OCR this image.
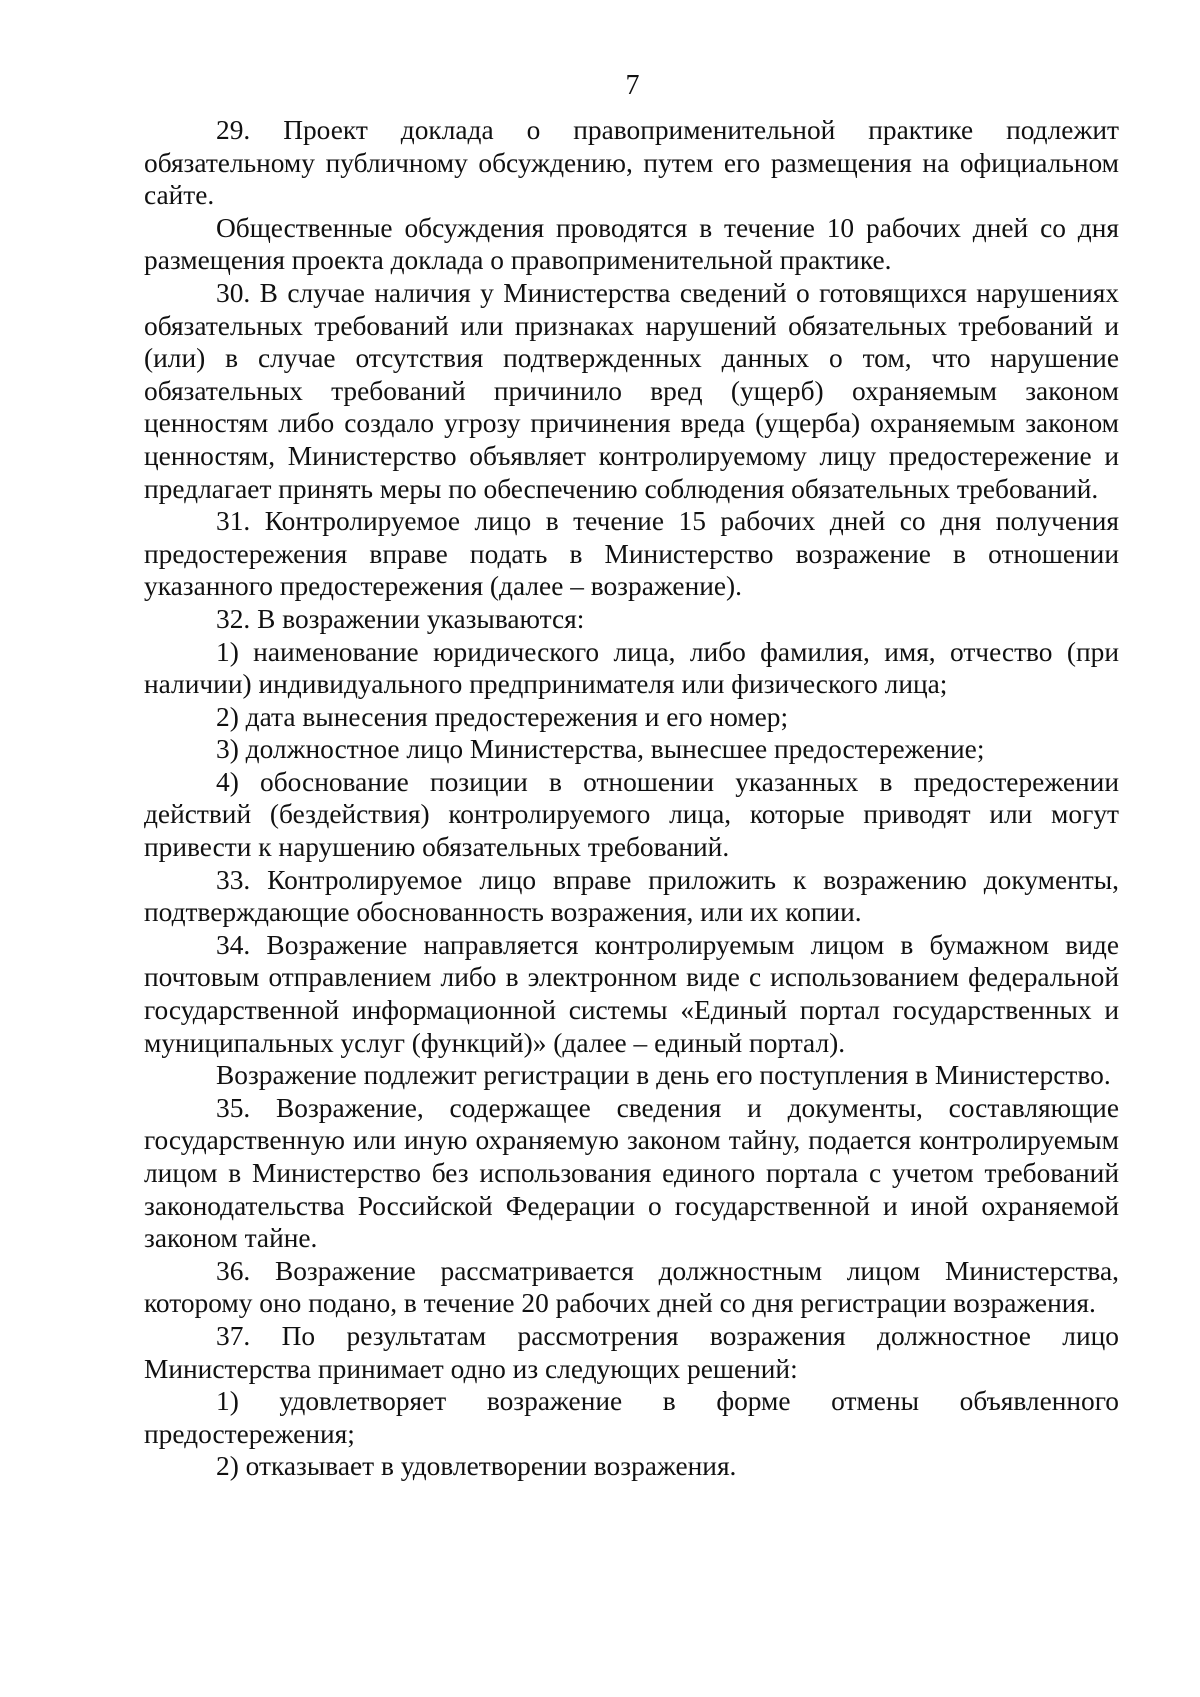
7

29. Проект доклада о правоприменительной практике подлежит обязательному публичному обсуждению, путем его размещения на официальном сайте.

Общественные обсуждения проводятся в течение 10 рабочих дней со дня размещения проекта доклада о правоприменительной практике.

30. В случае наличия у Министерства сведений о готовящихся нарушениях обязательных требований или признаках нарушений обязательных требований и (или) в случае отсутствия подтвержденных данных о том, что нарушение обязательных требований причинило вред (ущерб) охраняемым законом ценностям либо создало угрозу причинения вреда (ущерба) охраняемым законом ценностям, Министерство объявляет контролируемому лицу предостережение и предлагает принять меры по обеспечению соблюдения обязательных требований.

31. Контролируемое лицо в течение 15 рабочих дней со дня получения предостережения вправе подать в Министерство возражение в отношении указанного предостережения (далее – возражение).

32. В возражении указываются:

1) наименование юридического лица, либо фамилия, имя, отчество (при наличии) индивидуального предпринимателя или физического лица;

2) дата вынесения предостережения и его номер;

3) должностное лицо Министерства, вынесшее предостережение;

4) обоснование позиции в отношении указанных в предостережении действий (бездействия) контролируемого лица, которые приводят или могут привести к нарушению обязательных требований.

33. Контролируемое лицо вправе приложить к возражению документы, подтверждающие обоснованность возражения, или их копии.

34. Возражение направляется контролируемым лицом в бумажном виде почтовым отправлением либо в электронном виде с использованием федеральной государственной информационной системы «Единый портал государственных и муниципальных услуг (функций)» (далее – единый портал).

Возражение подлежит регистрации в день его поступления в Министерство.

35. Возражение, содержащее сведения и документы, составляющие государственную или иную охраняемую законом тайну, подается контролируемым лицом в Министерство без использования единого портала с учетом требований законодательства Российской Федерации о государственной и иной охраняемой законом тайне.

36. Возражение рассматривается должностным лицом Министерства, которому оно подано, в течение 20 рабочих дней со дня регистрации возражения.

37. По результатам рассмотрения возражения должностное лицо Министерства принимает одно из следующих решений:

1) удовлетворяет возражение в форме отмены объявленного предостережения;

2) отказывает в удовлетворении возражения.
